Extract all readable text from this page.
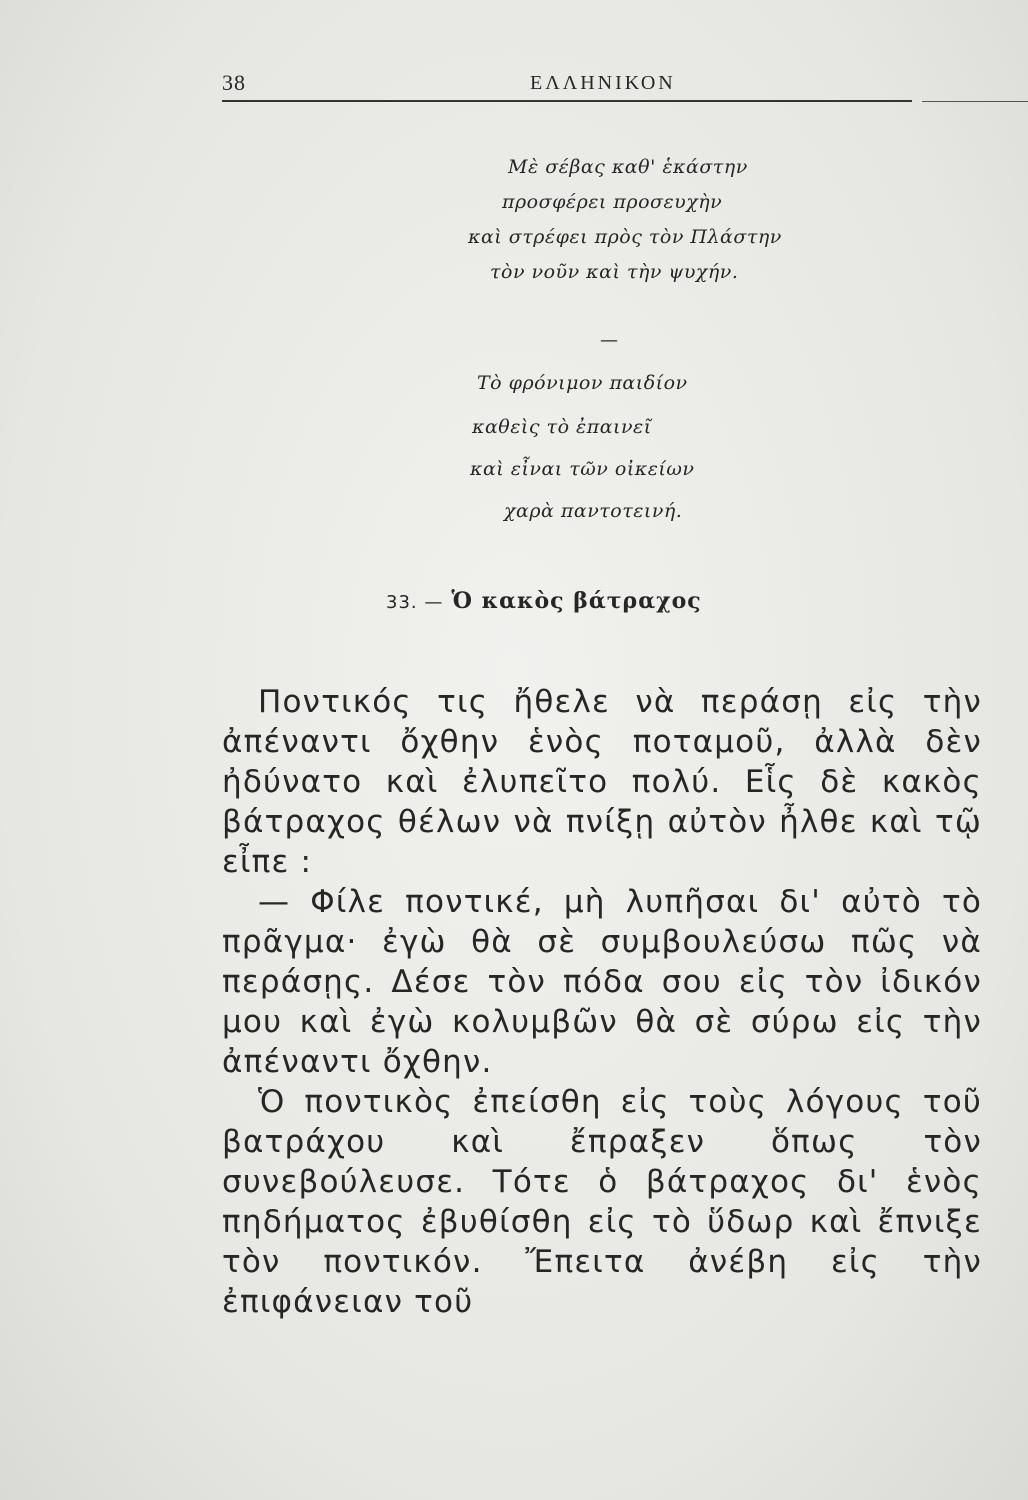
38	ΕΛΛΗΝΙΚΟΝ
Μὲ σέβας καθ' ἑκάστην
προσφέρει προσευχὴν
καὶ στρέφει πρὸς τὸν Πλάστην
τὸν νοῦν καὶ τὴν ψυχήν.
—
Τὸ φρόνιμον παιδίον
καθεὶς τὸ ἐπαινεῖ
καὶ εἶναι τῶν οἰκείων
χαρὰ παντοτεινή.
33. — Ὁ κακὸς βάτραχος

Ποντικός τις ἤθελε νὰ περάσῃ εἰς τὴν ἀπέναντι ὄχθην ἑνὸς ποταμοῦ, ἀλλὰ δὲν ἠδύνατο καὶ ἐλυπεῖτο πολύ. Εἷς δὲ κακὸς βάτραχος θέλων νὰ πνίξῃ αὐτὸν ἦλθε καὶ τῷ εἶπε :

— Φίλε ποντικέ, μὴ λυπῆσαι δι' αὐτὸ τὸ πρᾶγμα· ἐγὼ θὰ σὲ συμβουλεύσω πῶς νὰ περάσῃς. Δέσε τὸν πόδα σου εἰς τὸν ἰδικόν μου καὶ ἐγὼ κολυμβῶν θὰ σὲ σύρω εἰς τὴν ἀπέναντι ὄχθην.

Ὁ ποντικὸς ἐπείσθη εἰς τοὺς λόγους τοῦ βατράχου καὶ ἔπραξεν ὅπως τὸν συνεβούλευσε. Τότε ὁ βάτραχος δι' ἑνὸς πηδήματος ἐβυθίσθη εἰς τὸ ὕδωρ καὶ ἔπνιξε τὸν ποντικόν. Ἔπειτα ἀνέβη εἰς τὴν ἐπιφάνειαν τοῦ
